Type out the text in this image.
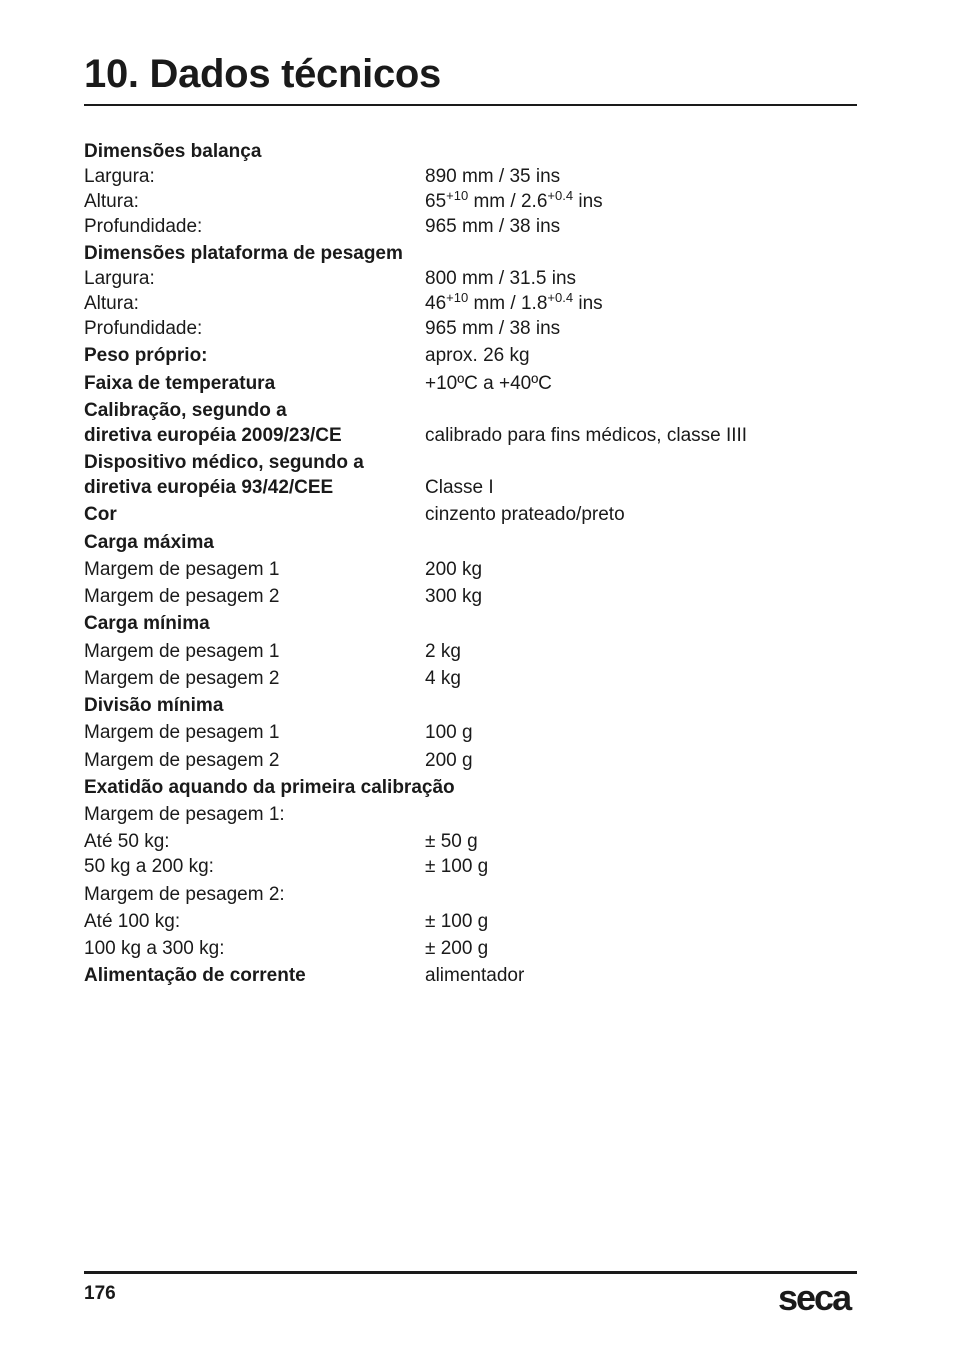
10. Dados técnicos
Dimensões balança
Largura:	890 mm / 35 ins
Altura:	$65^{+10}$ mm / $2.6^{+0.4}$ ins
Profundidade:	965 mm / 38 ins
Dimensões plataforma de pesagem
Largura:	800 mm / 31.5 ins
Altura:	$46^{+10}$ mm / $1.8^{+0.4}$ ins
Profundidade:	965 mm / 38 ins
Peso próprio:	aprox. 26 kg
Faixa de temperatura	+10ºC a +40ºC
Calibração, segundo a
diretiva européia 2009/23/CE	calibrado para fins médicos, classe IIII
Dispositivo médico, segundo a
diretiva européia 93/42/CEE	Classe I
Cor	cinzento prateado/preto
Carga máxima
Margem de pesagem 1	200 kg
Margem de pesagem 2	300 kg
Carga mínima
Margem de pesagem 1	2 kg
Margem de pesagem 2	4 kg
Divisão mínima
Margem de pesagem 1	100 g
Margem de pesagem 2	200 g
Exatidão aquando da primeira calibração
Margem de pesagem 1:
Até 50 kg:	± 50 g
50 kg a 200 kg:	± 100 g
Margem de pesagem 2:
Até 100 kg:	± 100 g
100 kg a 300 kg:	± 200 g
Alimentação de corrente	alimentador
176	seca
